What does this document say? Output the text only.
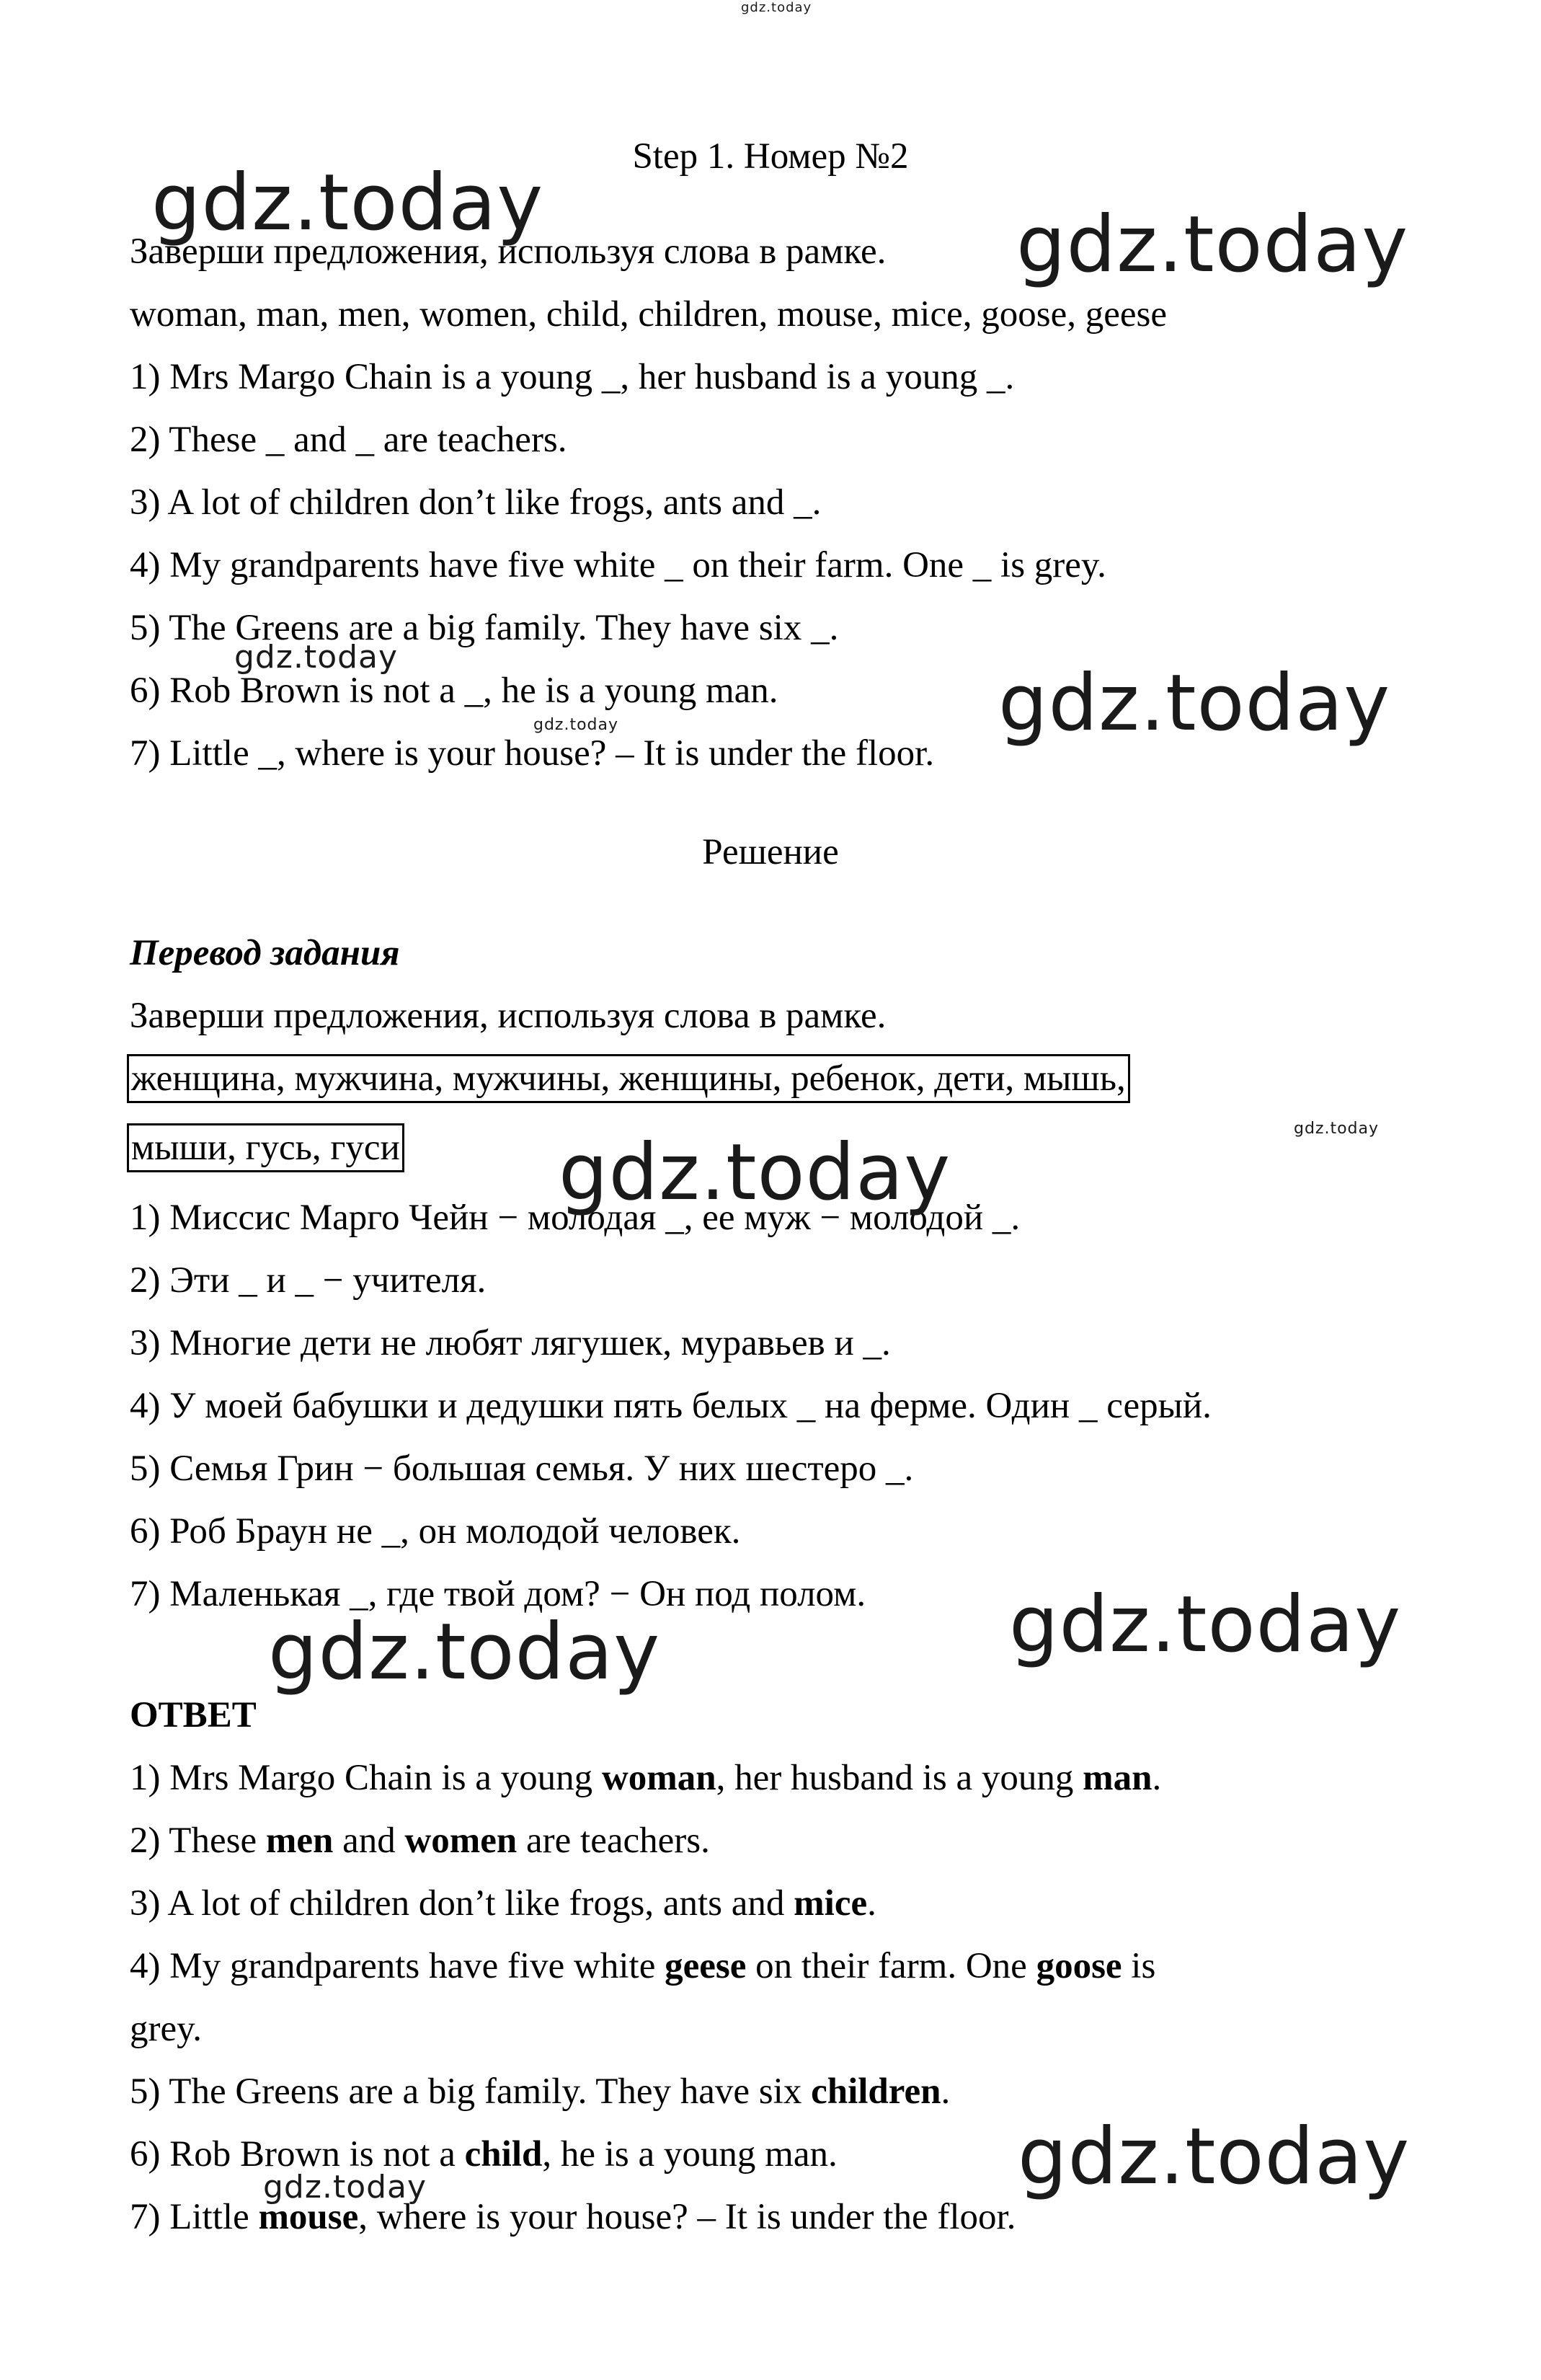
Step 1. Номер №2
Заверши предложения, используя слова в рамке.
woman, man, men, women, child, children, mouse, mice, goose, geese
1) Mrs Margo Chain is a young _, her husband is a young _.
2) These _ and _ are teachers.
3) A lot of children don’t like frogs, ants and _.
4) My grandparents have five white _ on their farm. One _ is grey.
5) The Greens are a big family. They have six _.
6) Rob Brown is not a _, he is a young man.
7) Little _, where is your house? – It is under the floor.
Решение
Перевод задания
Заверши предложения, используя слова в рамке.
женщина, мужчина, мужчины, женщины, ребенок, дети, мышь,
мыши, гусь, гуси
1) Миссис Марго Чейн − молодая _, ее муж − молодой _.
2) Эти _ и _ − учителя.
3) Многие дети не любят лягушек, муравьев и _.
4) У моей бабушки и дедушки пять белых _ на ферме. Один _ серый.
5) Семья Грин − большая семья. У них шестеро _.
6) Роб Браун не _, он молодой человек.
7) Маленькая _, где твой дом? − Он под полом.
ОТВЕТ
1) Mrs Margo Chain is a young woman, her husband is a young man.
2) These men and women are teachers.
3) A lot of children don’t like frogs, ants and mice.
4) My grandparents have five white geese on their farm. One goose is
grey.
5) The Greens are a big family. They have six children.
6) Rob Brown is not a child, he is a young man.
7) Little mouse, where is your house? – It is under the floor.
gdz.today
gdz.today	gdz.today
gdz.today
gdz.today	gdz.today
gdz.today
gdz.today
gdz.today
gdz.today
gdz.today
gdz.today
